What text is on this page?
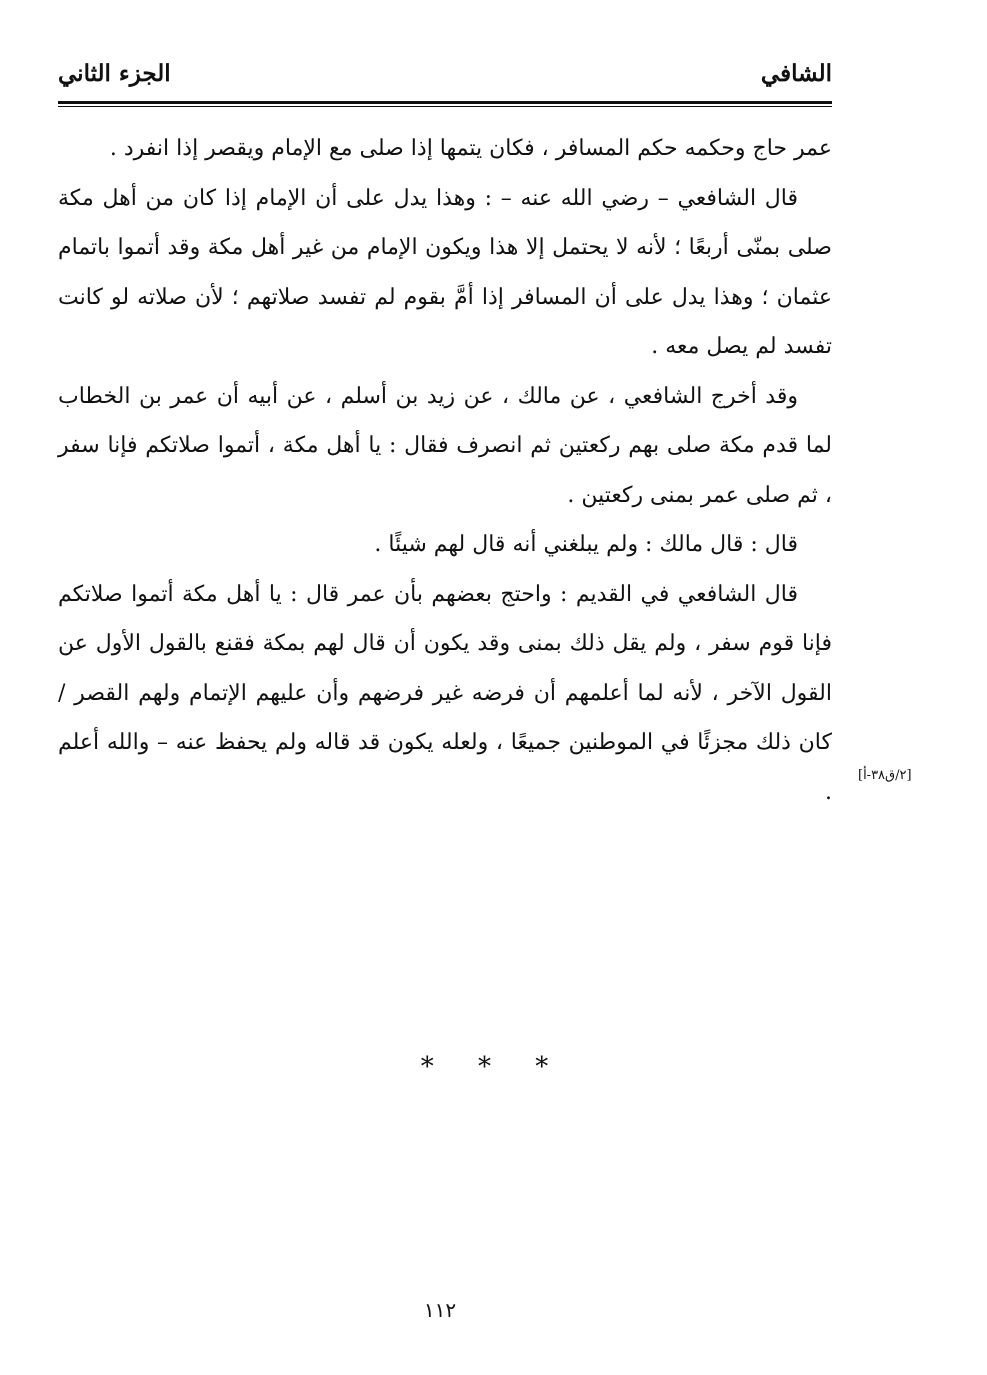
الشافي
الجزء الثاني

عمر حاج وحكمه حكم المسافر ، فكان يتمها إذا صلى مع الإمام ويقصر إذا انفرد .

قال الشافعي – رضي الله عنه – : وهذا يدل على أن الإمام إذا كان من أهل مكة صلى بمنّى أربعًا ؛ لأنه لا يحتمل إلا هذا ويكون الإمام من غير أهل مكة وقد أتموا باتمام عثمان ؛ وهذا يدل على أن المسافر إذا أمَّ بقوم لم تفسد صلاتهم ؛ لأن صلاته لو كانت تفسد لم يصل معه .

وقد أخرج الشافعي ، عن مالك ، عن زيد بن أسلم ، عن أبيه أن عمر بن الخطاب لما قدم مكة صلى بهم ركعتين ثم انصرف فقال : يا أهل مكة ، أتموا صلاتكم فإنا سفر ، ثم صلى عمر بمنى ركعتين .

قال : قال مالك : ولم يبلغني أنه قال لهم شيئًا .

قال الشافعي في القديم : واحتج بعضهم بأن عمر قال : يا أهل مكة أتموا صلاتكم فإنا قوم سفر ، ولم يقل ذلك بمنى وقد يكون أن قال لهم بمكة فقنع بالقول الأول عن القول الآخر ، لأنه لما أعلمهم أن فرضه غير فرضهم وأن عليهم الإتمام ولهم القصر / كان ذلك مجزئًا في الموطنين جميعًا ، ولعله يكون قد قاله ولم يحفظ عنه – والله أعلم .

[٢/ق٣٨-أ]
* * *
١١٢
